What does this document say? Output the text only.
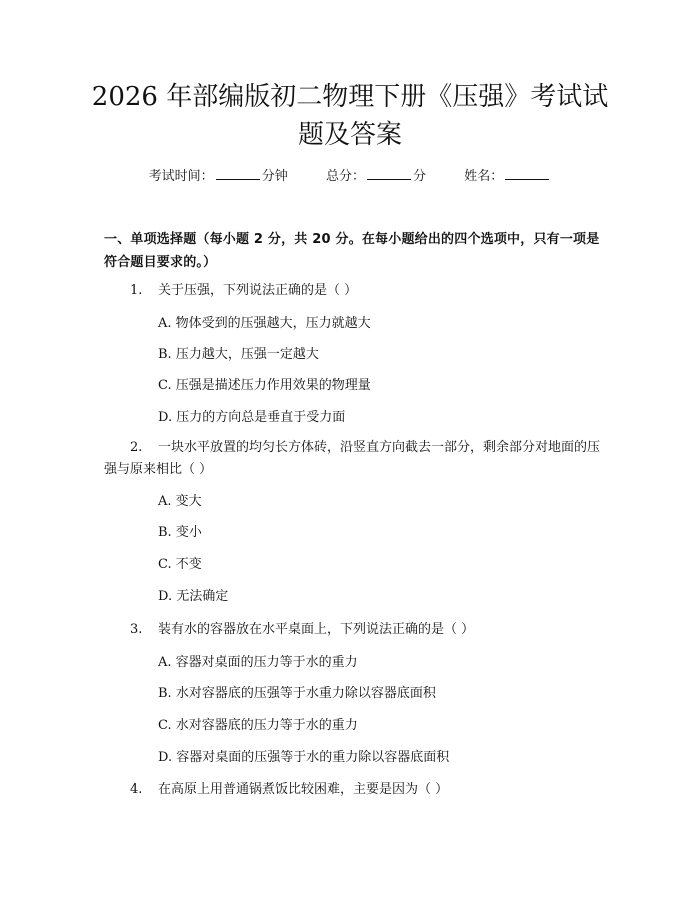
2026 年部编版初二物理下册《压强》考试试题及答案
考试时间：	分钟	总分：	分	姓名：
一、单项选择题（每小题 2 分，共 20 分。在每小题给出的四个选项中，只有一项是符合题目要求的。）
1. 关于压强，下列说法正确的是（ ）
A. 物体受到的压强越大，压力就越大
B. 压力越大，压强一定越大
C. 压强是描述压力作用效果的物理量
D. 压力的方向总是垂直于受力面
2. 一块水平放置的均匀长方体砖，沿竖直方向截去一部分，剩余部分对地面的压强与原来相比（ ）
A. 变大
B. 变小
C. 不变
D. 无法确定
3. 装有水的容器放在水平桌面上，下列说法正确的是（ ）
A. 容器对桌面的压力等于水的重力
B. 水对容器底的压强等于水重力除以容器底面积
C. 水对容器底的压力等于水的重力
D. 容器对桌面的压强等于水的重力除以容器底面积
4. 在高原上用普通锅煮饭比较困难，主要是因为（ ）
